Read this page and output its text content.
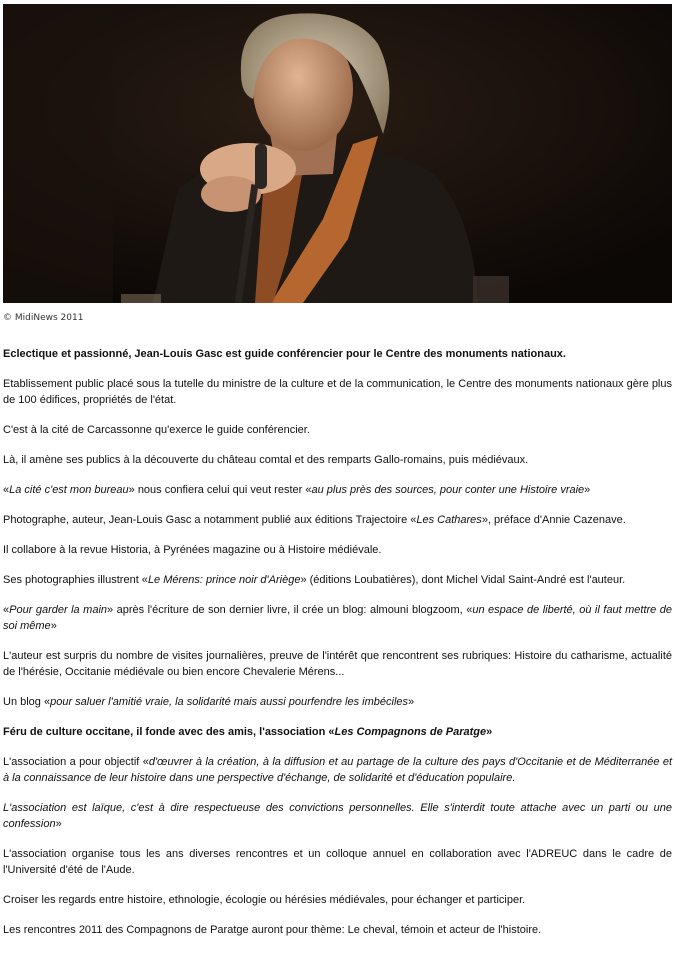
© MidiNews 2011

Eclectique et passionné, Jean-Louis Gasc est guide conférencier pour le Centre des monuments nationaux.

Etablissement public placé sous la tutelle du ministre de la culture et de la communication, le Centre des monuments nationaux gère plus de 100 édifices, propriétés de l'état.

C'est à la cité de Carcassonne qu'exerce le guide conférencier.

Là, il amène ses publics à la découverte du château comtal et des remparts Gallo-romains, puis médiévaux.

«La cité c'est mon bureau» nous confiera celui qui veut rester «au plus près des sources, pour conter une Histoire vraie»

Photographe, auteur, Jean-Louis Gasc a notamment publié aux éditions Trajectoire «Les Cathares», préface d'Annie Cazenave.

Il collabore à la revue Historia, à Pyrénées magazine ou à Histoire médiévale.

Ses photographies illustrent «Le Mérens: prince noir d'Ariège» (éditions Loubatières), dont Michel Vidal Saint-André est l'auteur.

«Pour garder la main» après l'écriture de son dernier livre, il crée un blog: almouni blogzoom, «un espace de liberté, où il faut mettre de soi même»

L'auteur est surpris du nombre de visites journalières, preuve de l'intérêt que rencontrent ses rubriques: Histoire du catharisme, actualité de l'hérésie, Occitanie médiévale ou bien encore Chevalerie Mérens...

Un blog «pour saluer l'amitié vraie, la solidarité mais aussi pourfendre les imbéciles»

Féru de culture occitane, il fonde avec des amis, l'association «Les Compagnons de Paratge»

L'association a pour objectif «d'œuvrer à la création, à la diffusion et au partage de la culture des pays d'Occitanie et de Méditerranée et à la connaissance de leur histoire dans une perspective d'échange, de solidarité et d'éducation populaire.

L'association est laïque, c'est à dire respectueuse des convictions personnelles. Elle s'interdit toute attache avec un parti ou une confession»

L'association organise tous les ans diverses rencontres et un colloque annuel en collaboration avec l'ADREUC dans le cadre de l'Université d'été de l'Aude.

Croiser les regards entre histoire, ethnologie, écologie ou hérésies médiévales, pour échanger et participer.

Les rencontres 2011 des Compagnons de Paratge auront pour thème: Le cheval, témoin et acteur de l'histoire.
